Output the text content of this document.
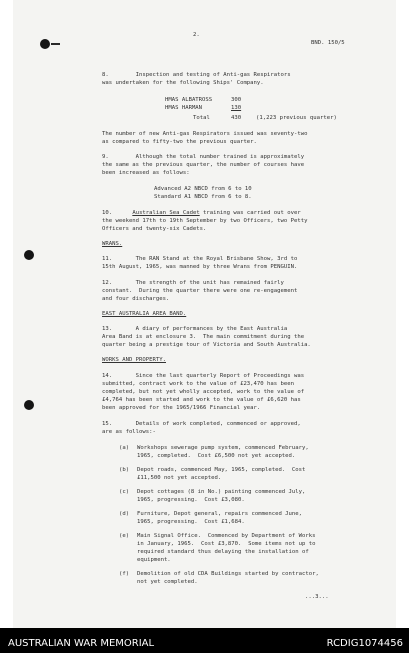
2.
BND. 150/5
8.        Inspection and testing of Anti-gas Respirators
was undertaken for the following Ships' Company.
HMAS ALBATROSS	300
HMAS HARMAN	130
Total	430	(1,223 previous quarter)
The number of new Anti-gas Respirators issued was seventy-two
as compared to fifty-two the previous quarter.
9.        Although the total number trained is approximately
the same as the previous quarter, the number of courses have
been increased as follows:
Advanced A2 NBCD from 6 to 10
Standard A1 NBCD from 6 to 8.
10.	Australian Sea Cadet training was carried out over
the weekend 17th to 19th September by two Officers, two Petty
Officers and twenty-six Cadets.
WRANS.
11.       The RAN Stand at the Royal Brisbane Show, 3rd to
15th August, 1965, was manned by three Wrans from PENGUIN.
12.       The strength of the unit has remained fairly
constant.  During the quarter there were one re-engagement
and four discharges.
EAST AUSTRALIA AREA BAND.
13.       A diary of performances by the East Australia
Area Band is at enclosure 3.  The main commitment during the
quarter being a prestige tour of Victoria and South Australia.
WORKS AND PROPERTY.
14.       Since the last quarterly Report of Proceedings was
submitted, contract work to the value of £23,470 has been
completed, but not yet wholly accepted, work to the value of
£4,764 has been started and work to the value of £6,620 has
been approved for the 1965/1966 Financial year.
15.       Details of work completed, commenced or approved,
are as follows:-
(a) Workshops sewerage pump system, commenced February,
1965, completed.  Cost £6,500 not yet accepted.
(b) Depot roads, commenced May, 1965, completed.  Cost
£11,500 not yet accepted.
(c) Depot cottages (8 in No.) painting commenced July,
1965, progressing.  Cost £3,080.
(d) Furniture, Depot general, repairs commenced June,
1965, progressing.  Cost £1,684.
(e) Main Signal Office.  Commenced by Department of Works
in January, 1965.  Cost £3,870.  Some items not up to
required standard thus delaying the installation of
equipment.
(f) Demolition of old CDA Buildings started by contractor,
not yet completed.
...3...
AUSTRALIAN WAR MEMORIAL	RCDIG1074456
